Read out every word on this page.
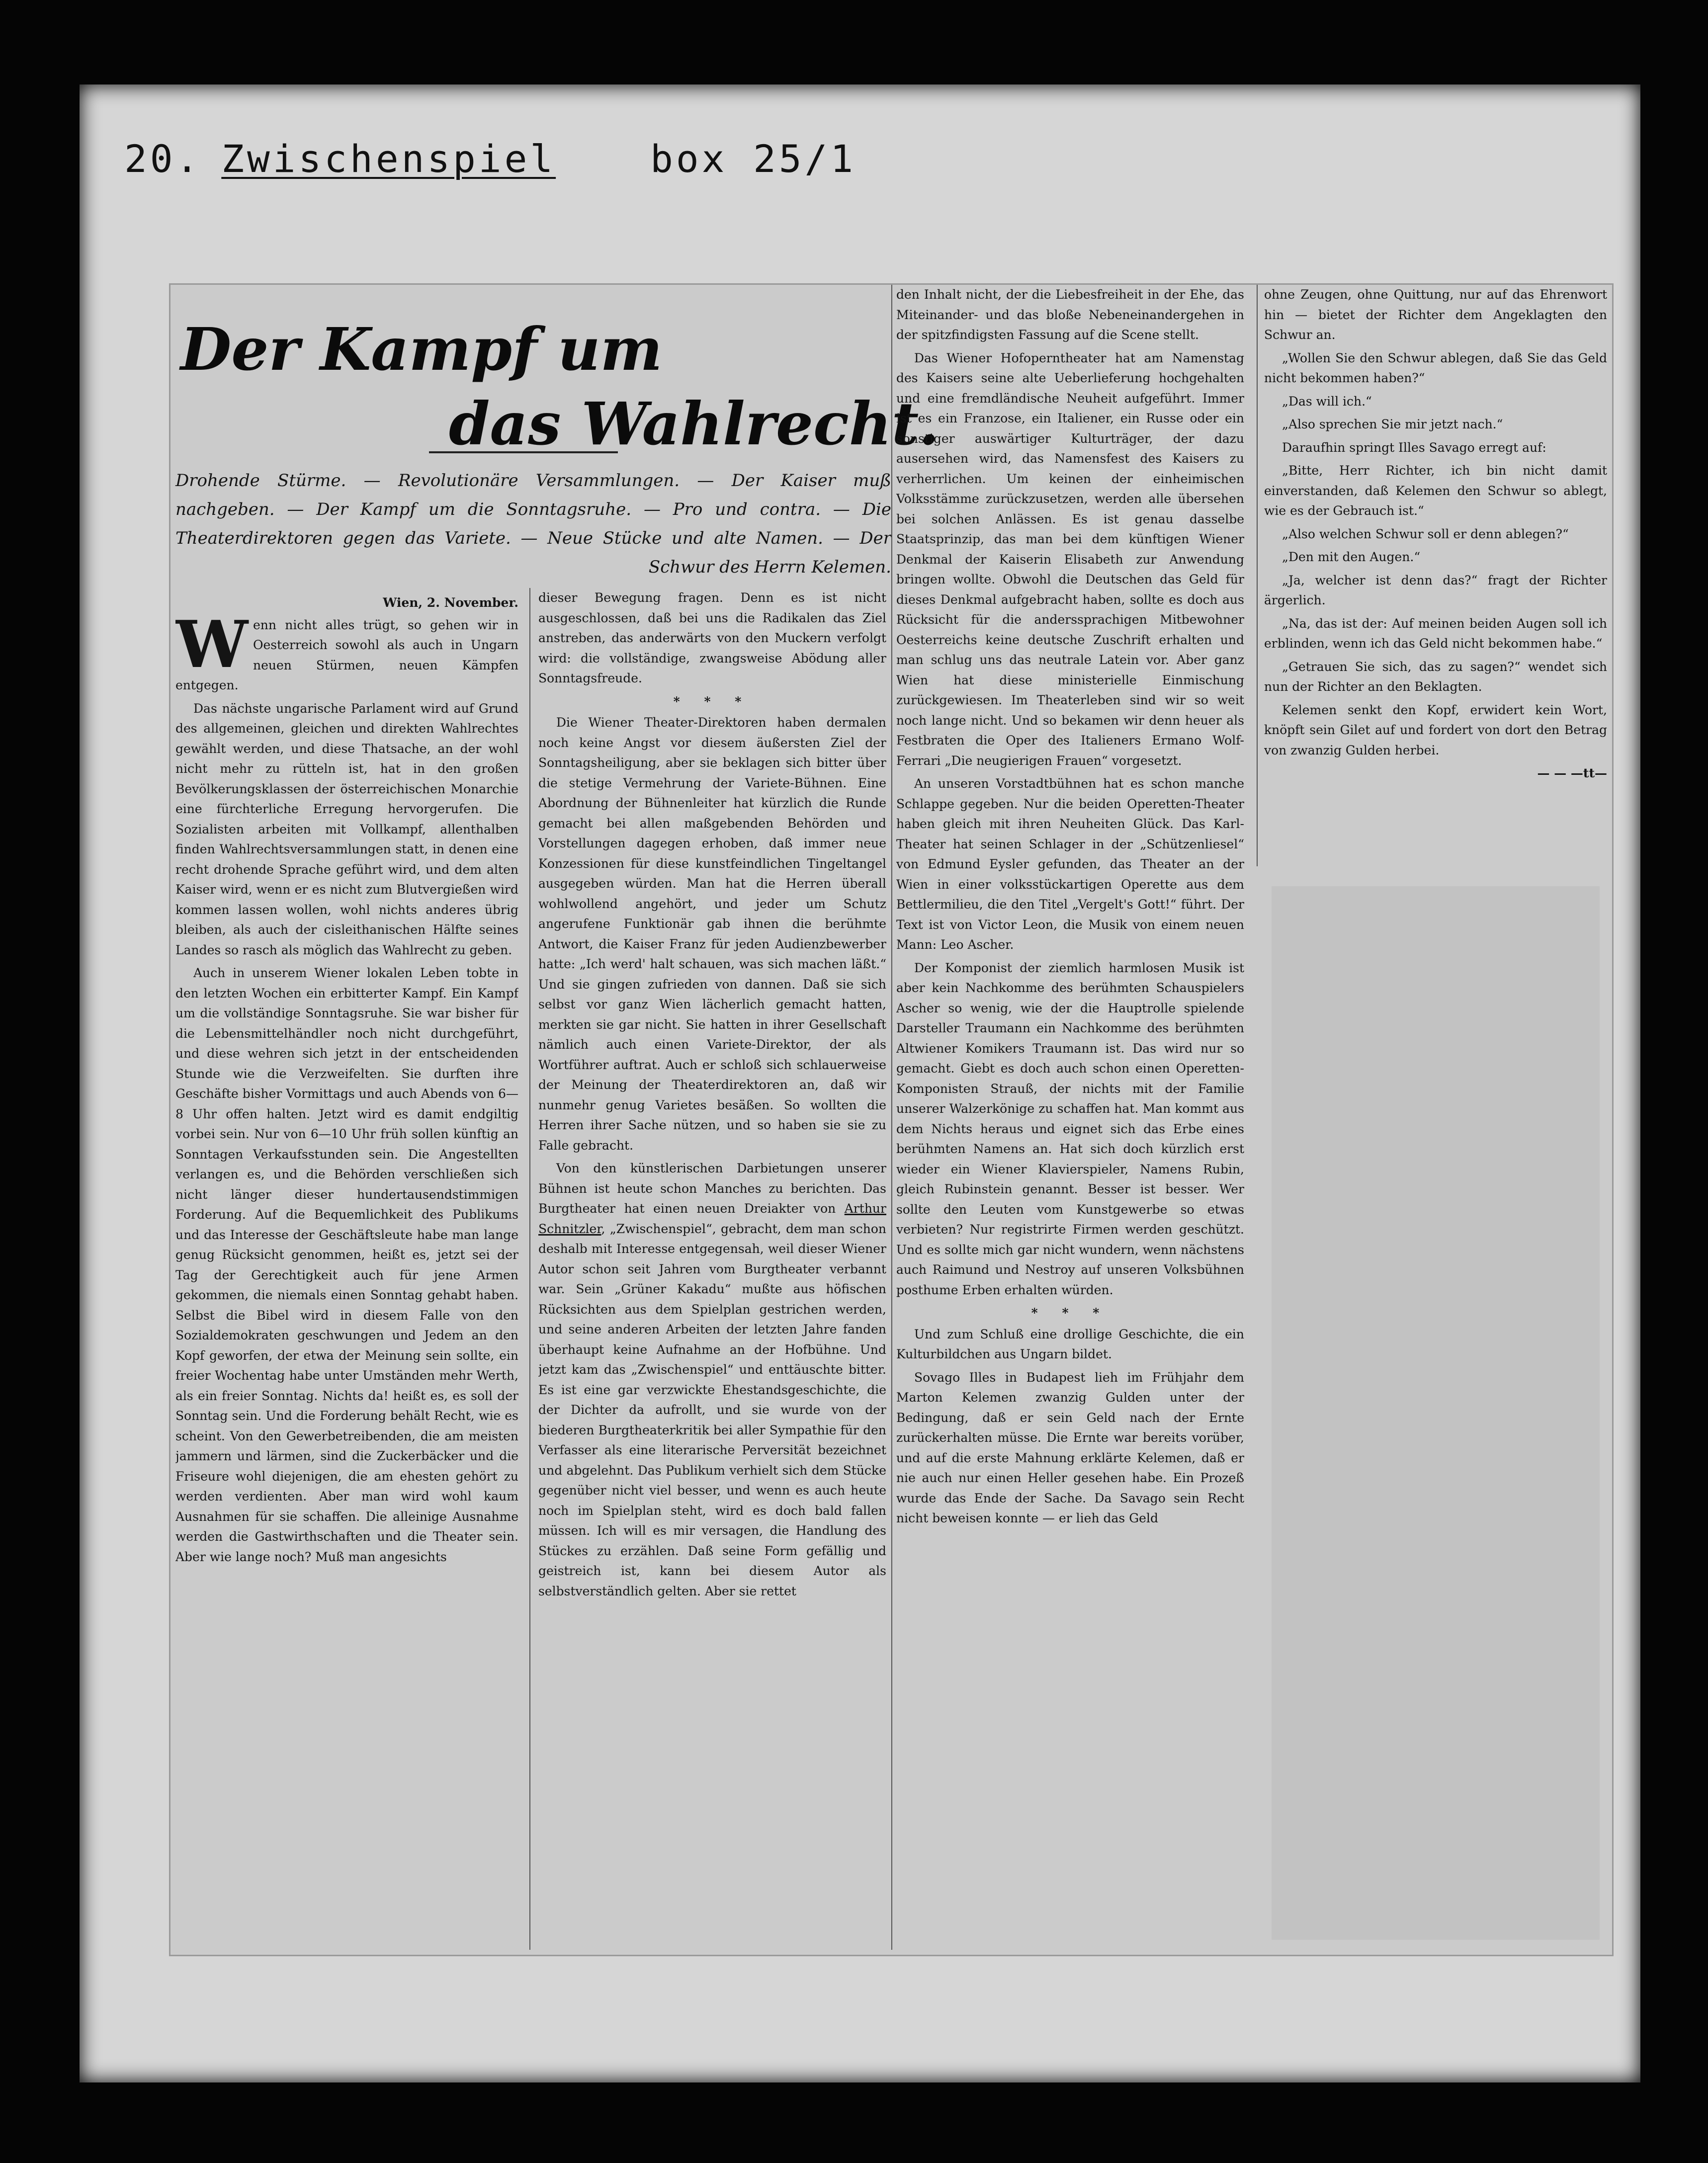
20. Zwischenspiel	box 25/1
Der Kampf um
das Wahlrecht.
Drohende Stürme. — Revolutionäre Versammlungen. — Der Kaiser muß nachgeben. — Der Kampf um die Sonntagsruhe. — Pro und contra. — Die Theaterdirektoren gegen das Variete. — Neue Stücke und alte Namen. — Der Schwur des Herrn Kelemen.

Wien, 2. November.

Wenn nicht alles trügt, so gehen wir in Oesterreich sowohl als auch in Ungarn neuen Stürmen, neuen Kämpfen entgegen.

Das nächste ungarische Parlament wird auf Grund des allgemeinen, gleichen und direkten Wahlrechtes gewählt werden, und diese Thatsache, an der wohl nicht mehr zu rütteln ist, hat in den großen Bevölkerungsklassen der österreichischen Monarchie eine fürchterliche Erregung hervorgerufen. Die Sozialisten arbeiten mit Vollkampf, allenthalben finden Wahlrechtsversammlungen statt, in denen eine recht drohende Sprache geführt wird, und dem alten Kaiser wird, wenn er es nicht zum Blutvergießen wird kommen lassen wollen, wohl nichts anderes übrig bleiben, als auch der cisleithanischen Hälfte seines Landes so rasch als möglich das Wahlrecht zu geben.

Auch in unserem Wiener lokalen Leben tobte in den letzten Wochen ein erbitterter Kampf. Ein Kampf um die vollständige Sonntagsruhe. Sie war bisher für die Lebensmittelhändler noch nicht durchgeführt, und diese wehren sich jetzt in der entscheidenden Stunde wie die Verzweifelten. Sie durften ihre Geschäfte bisher Vormittags und auch Abends von 6—8 Uhr offen halten. Jetzt wird es damit endgiltig vorbei sein. Nur von 6—10 Uhr früh sollen künftig an Sonntagen Verkaufsstunden sein. Die Angestellten verlangen es, und die Behörden verschließen sich nicht länger dieser hundertausendstimmigen Forderung. Auf die Bequemlichkeit des Publikums und das Interesse der Geschäftsleute habe man lange genug Rücksicht genommen, heißt es, jetzt sei der Tag der Gerechtigkeit auch für jene Armen gekommen, die niemals einen Sonntag gehabt haben. Selbst die Bibel wird in diesem Falle von den Sozialdemokraten geschwungen und Jedem an den Kopf geworfen, der etwa der Meinung sein sollte, ein freier Wochentag habe unter Umständen mehr Werth, als ein freier Sonntag. Nichts da! heißt es, es soll der Sonntag sein. Und die Forderung behält Recht, wie es scheint. Von den Gewerbetreibenden, die am meisten jammern und lärmen, sind die Zuckerbäcker und die Friseure wohl diejenigen, die am ehesten gehört zu werden verdienten. Aber man wird wohl kaum Ausnahmen für sie schaffen. Die alleinige Ausnahme werden die Gastwirthschaften und die Theater sein. Aber wie lange noch? Muß man angesichts

dieser Bewegung fragen. Denn es ist nicht ausgeschlossen, daß bei uns die Radikalen das Ziel anstreben, das anderwärts von den Muckern verfolgt wird: die vollständige, zwangsweise Abödung aller Sonntagsfreude.

* * *

Die Wiener Theater-Direktoren haben dermalen noch keine Angst vor diesem äußersten Ziel der Sonntagsheiligung, aber sie beklagen sich bitter über die stetige Vermehrung der Variete-Bühnen. Eine Abordnung der Bühnenleiter hat kürzlich die Runde gemacht bei allen maßgebenden Behörden und Vorstellungen dagegen erhoben, daß immer neue Konzessionen für diese kunstfeindlichen Tingeltangel ausgegeben würden. Man hat die Herren überall wohlwollend angehört, und jeder um Schutz angerufene Funktionär gab ihnen die berühmte Antwort, die Kaiser Franz für jeden Audienzbewerber hatte: „Ich werd' halt schauen, was sich machen läßt.“ Und sie gingen zufrieden von dannen. Daß sie sich selbst vor ganz Wien lächerlich gemacht hatten, merkten sie gar nicht. Sie hatten in ihrer Gesellschaft nämlich auch einen Variete-Direktor, der als Wortführer auftrat. Auch er schloß sich schlauerweise der Meinung der Theaterdirektoren an, daß wir nunmehr genug Varietes besäßen. So wollten die Herren ihrer Sache nützen, und so haben sie sie zu Falle gebracht.

Von den künstlerischen Darbietungen unserer Bühnen ist heute schon Manches zu berichten. Das Burgtheater hat einen neuen Dreiakter von Arthur Schnitzler, „Zwischenspiel“, gebracht, dem man schon deshalb mit Interesse entgegensah, weil dieser Wiener Autor schon seit Jahren vom Burgtheater verbannt war. Sein „Grüner Kakadu“ mußte aus höfischen Rücksichten aus dem Spielplan gestrichen werden, und seine anderen Arbeiten der letzten Jahre fanden überhaupt keine Aufnahme an der Hofbühne. Und jetzt kam das „Zwischenspiel“ und enttäuschte bitter. Es ist eine gar verzwickte Ehestandsgeschichte, die der Dichter da aufrollt, und sie wurde von der biederen Burgtheaterkritik bei aller Sympathie für den Verfasser als eine literarische Perversität bezeichnet und abgelehnt. Das Publikum verhielt sich dem Stücke gegenüber nicht viel besser, und wenn es auch heute noch im Spielplan steht, wird es doch bald fallen müssen. Ich will es mir versagen, die Handlung des Stückes zu erzählen. Daß seine Form gefällig und geistreich ist, kann bei diesem Autor als selbstverständlich gelten. Aber sie rettet

den Inhalt nicht, der die Liebesfreiheit in der Ehe, das Miteinander- und das bloße Nebeneinandergehen in der spitzfindigsten Fassung auf die Scene stellt.

Das Wiener Hofoperntheater hat am Namenstag des Kaisers seine alte Ueberlieferung hochgehalten und eine fremdländische Neuheit aufgeführt. Immer ist es ein Franzose, ein Italiener, ein Russe oder ein sonstiger auswärtiger Kulturträger, der dazu ausersehen wird, das Namensfest des Kaisers zu verherrlichen. Um keinen der einheimischen Volksstämme zurückzusetzen, werden alle übersehen bei solchen Anlässen. Es ist genau dasselbe Staatsprinzip, das man bei dem künftigen Wiener Denkmal der Kaiserin Elisabeth zur Anwendung bringen wollte. Obwohl die Deutschen das Geld für dieses Denkmal aufgebracht haben, sollte es doch aus Rücksicht für die anderssprachigen Mitbewohner Oesterreichs keine deutsche Zuschrift erhalten und man schlug uns das neutrale Latein vor. Aber ganz Wien hat diese ministerielle Einmischung zurückgewiesen. Im Theaterleben sind wir so weit noch lange nicht. Und so bekamen wir denn heuer als Festbraten die Oper des Italieners Ermano Wolf-Ferrari „Die neugierigen Frauen“ vorgesetzt.

An unseren Vorstadtbühnen hat es schon manche Schlappe gegeben. Nur die beiden Operetten-Theater haben gleich mit ihren Neuheiten Glück. Das Karl-Theater hat seinen Schlager in der „Schützenliesel“ von Edmund Eysler gefunden, das Theater an der Wien in einer volksstückartigen Operette aus dem Bettlermilieu, die den Titel „Vergelt's Gott!“ führt. Der Text ist von Victor Leon, die Musik von einem neuen Mann: Leo Ascher.

Der Komponist der ziemlich harmlosen Musik ist aber kein Nachkomme des berühmten Schauspielers Ascher so wenig, wie der die Hauptrolle spielende Darsteller Traumann ein Nachkomme des berühmten Altwiener Komikers Traumann ist. Das wird nur so gemacht. Giebt es doch auch schon einen Operetten-Komponisten Strauß, der nichts mit der Familie unserer Walzerkönige zu schaffen hat. Man kommt aus dem Nichts heraus und eignet sich das Erbe eines berühmten Namens an. Hat sich doch kürzlich erst wieder ein Wiener Klavierspieler, Namens Rubin, gleich Rubinstein genannt. Besser ist besser. Wer sollte den Leuten vom Kunstgewerbe so etwas verbieten? Nur registrirte Firmen werden geschützt. Und es sollte mich gar nicht wundern, wenn nächstens auch Raimund und Nestroy auf unseren Volksbühnen posthume Erben erhalten würden.

* * *

Und zum Schluß eine drollige Geschichte, die ein Kulturbildchen aus Ungarn bildet.

Sovago Illes in Budapest lieh im Frühjahr dem Marton Kelemen zwanzig Gulden unter der Bedingung, daß er sein Geld nach der Ernte zurückerhalten müsse. Die Ernte war bereits vorüber, und auf die erste Mahnung erklärte Kelemen, daß er nie auch nur einen Heller gesehen habe. Ein Prozeß wurde das Ende der Sache. Da Savago sein Recht nicht beweisen konnte — er lieh das Geld

ohne Zeugen, ohne Quittung, nur auf das Ehrenwort hin — bietet der Richter dem Angeklagten den Schwur an.

„Wollen Sie den Schwur ablegen, daß Sie das Geld nicht bekommen haben?“

„Das will ich.“

„Also sprechen Sie mir jetzt nach.“

Daraufhin springt Illes Savago erregt auf:

„Bitte, Herr Richter, ich bin nicht damit einverstanden, daß Kelemen den Schwur so ablegt, wie es der Gebrauch ist.“

„Also welchen Schwur soll er denn ablegen?“

„Den mit den Augen.“

„Ja, welcher ist denn das?“ fragt der Richter ärgerlich.

„Na, das ist der: Auf meinen beiden Augen soll ich erblinden, wenn ich das Geld nicht bekommen habe.“

„Getrauen Sie sich, das zu sagen?“ wendet sich nun der Richter an den Beklagten.

Kelemen senkt den Kopf, erwidert kein Wort, knöpft sein Gilet auf und fordert von dort den Betrag von zwanzig Gulden herbei.

— — —tt—
